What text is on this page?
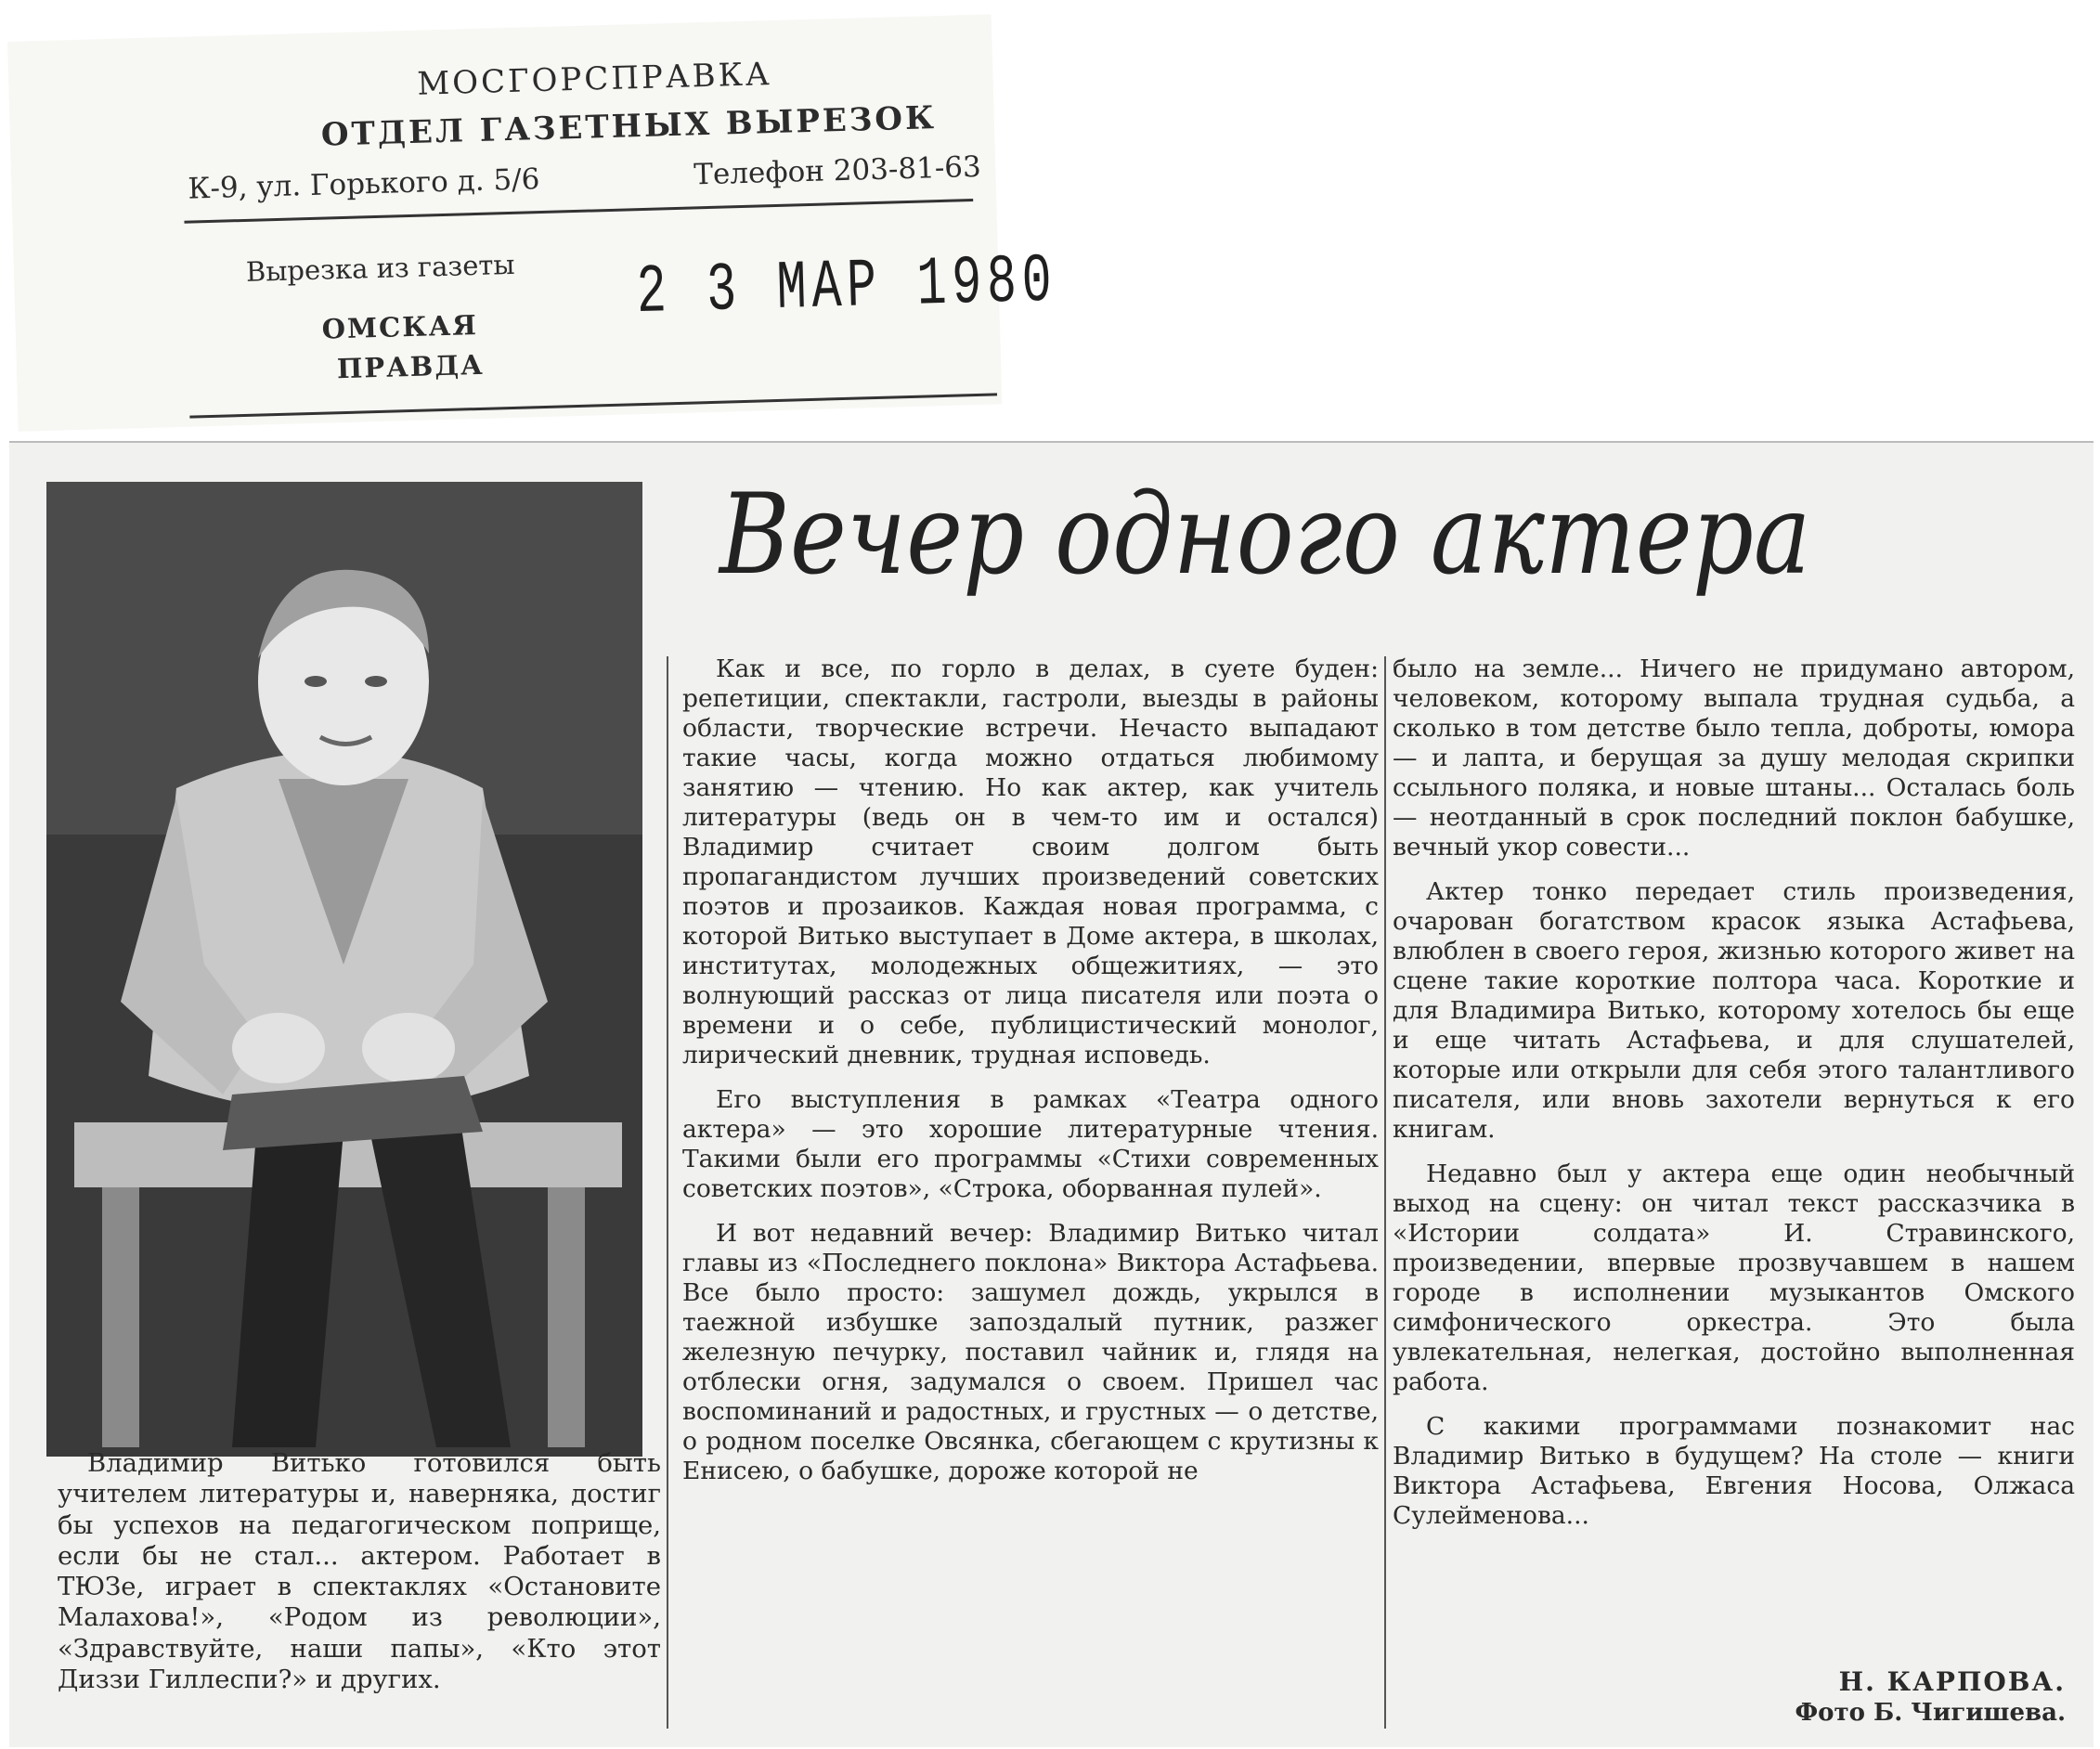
МОСГОРСПРАВКА
ОТДЕЛ ГАЗЕТНЫХ ВЫРЕЗОК
К-9, ул. Горького д. 5/6	Телефон 203-81-63
Вырезка из газеты
ОМСКАЯ
ПРАВДА
2 3 МАР 1980
Владимир Витько готовился быть учителем литературы и, наверняка, достиг бы успехов на педагогическом поприще, если бы не стал... актером. Работает в ТЮЗе, играет в спектаклях «Остановите Малахова!», «Родом из революции», «Здравствуйте, наши папы», «Кто этот Диззи Гиллеспи?» и других.
Вечер одного актера

Как и все, по горло в делах, в суете буден: репетиции, спектакли, гастроли, выезды в районы области, творческие встречи. Нечасто выпадают такие часы, когда можно отдаться любимому занятию — чтению. Но как актер, как учитель литературы (ведь он в чем-то им и остался) Владимир считает своим долгом быть пропагандистом лучших произведений советских поэтов и прозаиков. Каждая новая программа, с которой Витько выступает в Доме актера, в школах, институтах, молодежных общежитиях, — это волнующий рассказ от лица писателя или поэта о времени и о себе, публицистический монолог, лирический дневник, трудная исповедь.

Его выступления в рамках «Театра одного актера» — это хорошие литературные чтения. Такими были его программы «Стихи современных советских поэтов», «Строка, оборванная пулей».

И вот недавний вечер: Владимир Витько читал главы из «Последнего поклона» Виктора Астафьева. Все было просто: зашумел дождь, укрылся в таежной избушке запоздалый путник, разжег железную печурку, поставил чайник и, глядя на отблески огня, задумался о своем. Пришел час воспоминаний и радостных, и грустных — о детстве, о родном поселке Овсянка, сбегающем с крутизны к Енисею, о бабушке, дороже которой не

было на земле... Ничего не придумано автором, человеком, которому выпала трудная судьба, а сколько в том детстве было тепла, доброты, юмора — и лапта, и берущая за душу мелодая скрипки ссыльного поляка, и новые штаны... Осталась боль — неотданный в срок последний поклон бабушке, вечный укор совести...

Актер тонко передает стиль произведения, очарован богатством красок языка Астафьева, влюблен в своего героя, жизнью которого живет на сцене такие короткие полтора часа. Короткие и для Владимира Витько, которому хотелось бы еще и еще читать Астафьева, и для слушателей, которые или открыли для себя этого талантливого писателя, или вновь захотели вернуться к его книгам.

Недавно был у актера еще один необычный выход на сцену: он читал текст рассказчика в «Истории солдата» И. Стравинского, произведении, впервые прозвучавшем в нашем городе в исполнении музыкантов Омского симфонического оркестра. Это была увлекательная, нелегкая, достойно выполненная работа.

С какими программами познакомит нас Владимир Витько в будущем? На столе — книги Виктора Астафьева, Евгения Носова, Олжаса Сулейменова...

Н. КАРПОВА.
Фото Б. Чигишева.
